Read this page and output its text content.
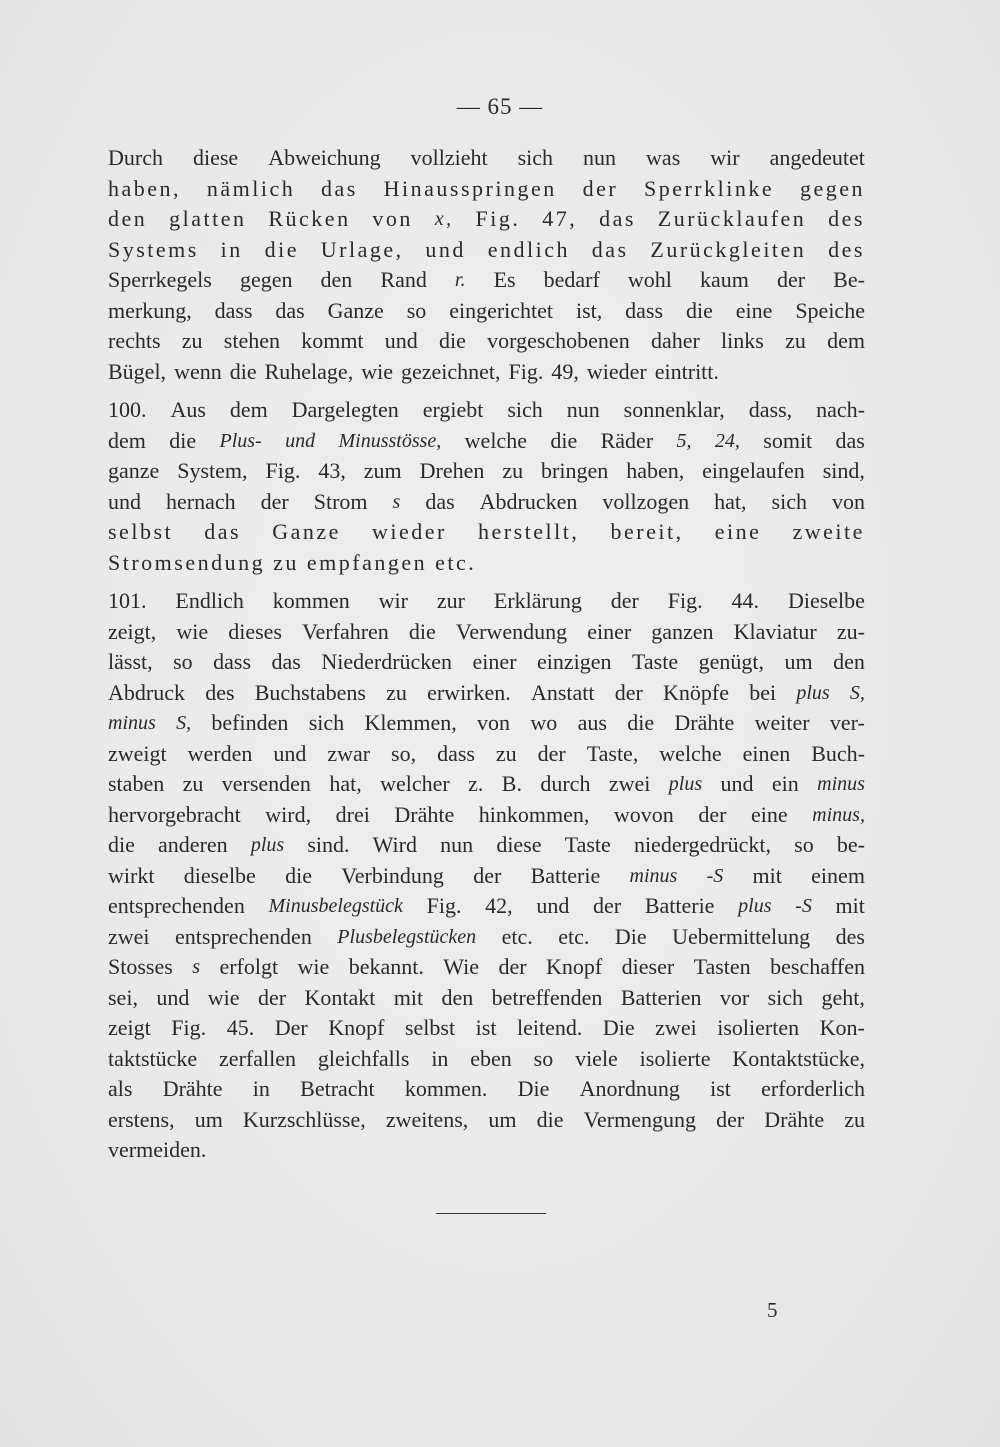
— 65 —
Durch diese Abweichung vollzieht sich nun was wir angedeutet
haben, nämlich das Hinausspringen der Sperrklinke gegen
den glatten Rücken von x, Fig. 47, das Zurücklaufen des
Systems in die Urlage, und endlich das Zurückgleiten des
Sperrkegels gegen den Rand r. Es bedarf wohl kaum der Be-
merkung, dass das Ganze so eingerichtet ist, dass die eine Speiche
rechts zu stehen kommt und die vorgeschobenen daher links zu dem
Bügel, wenn die Ruhelage, wie gezeichnet, Fig. 49, wieder eintritt.
100. Aus dem Dargelegten ergiebt sich nun sonnenklar, dass, nach-
dem die Plus- und Minusstösse, welche die Räder 5, 24, somit das
ganze System, Fig. 43, zum Drehen zu bringen haben, eingelaufen sind,
und hernach der Strom s das Abdrucken vollzogen hat, sich von
selbst das Ganze wieder herstellt, bereit, eine zweite
Stromsendung zu empfangen etc.
101. Endlich kommen wir zur Erklärung der Fig. 44. Dieselbe
zeigt, wie dieses Verfahren die Verwendung einer ganzen Klaviatur zu-
lässt, so dass das Niederdrücken einer einzigen Taste genügt, um den
Abdruck des Buchstabens zu erwirken. Anstatt der Knöpfe bei plus S,
minus S, befinden sich Klemmen, von wo aus die Drähte weiter ver-
zweigt werden und zwar so, dass zu der Taste, welche einen Buch-
staben zu versenden hat, welcher z. B. durch zwei plus und ein minus
hervorgebracht wird, drei Drähte hinkommen, wovon der eine minus,
die anderen plus sind. Wird nun diese Taste niedergedrückt, so be-
wirkt dieselbe die Verbindung der Batterie minus -S mit einem
entsprechenden Minusbelegstück Fig. 42, und der Batterie plus -S mit
zwei entsprechenden Plusbelegstücken etc. etc. Die Uebermittelung des
Stosses s erfolgt wie bekannt. Wie der Knopf dieser Tasten beschaffen
sei, und wie der Kontakt mit den betreffenden Batterien vor sich geht,
zeigt Fig. 45. Der Knopf selbst ist leitend. Die zwei isolierten Kon-
taktstücke zerfallen gleichfalls in eben so viele isolierte Kontaktstücke,
als Drähte in Betracht kommen. Die Anordnung ist erforderlich
erstens, um Kurzschlüsse, zweitens, um die Vermengung der Drähte zu
vermeiden.
5
